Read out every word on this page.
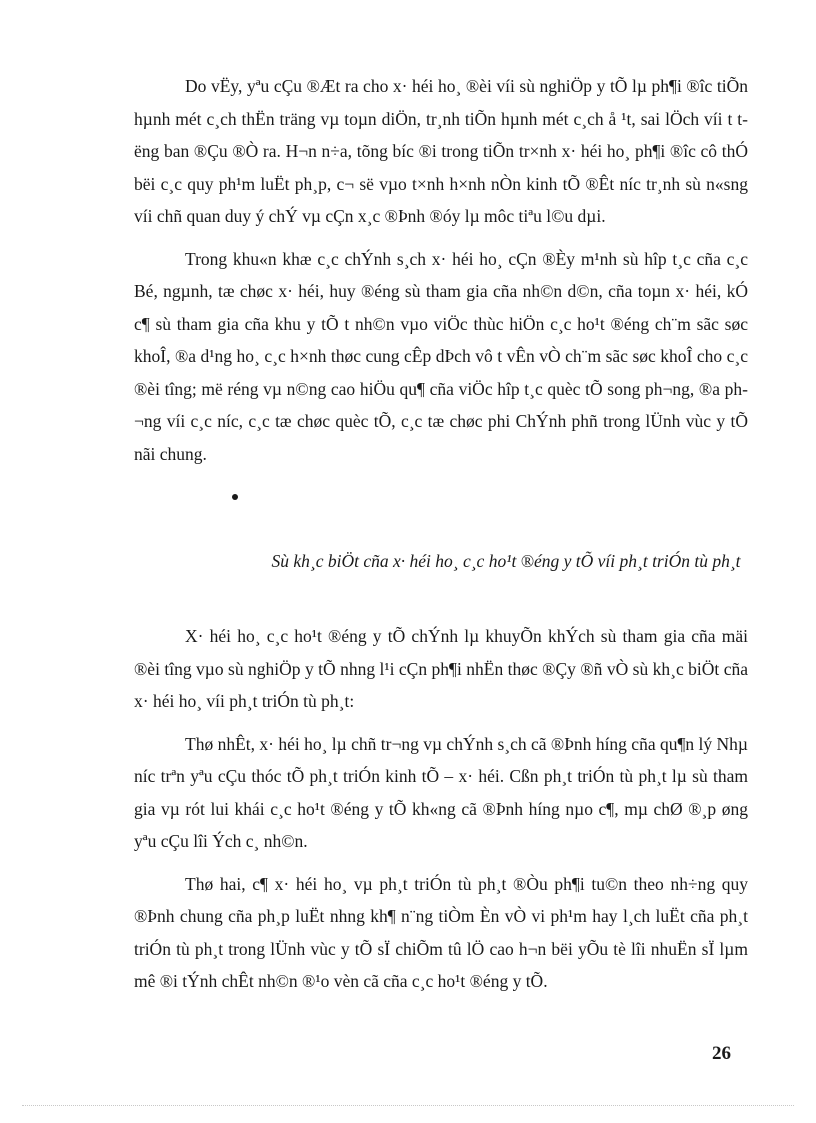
Do vËy, yªu cÇu ®Æt ra cho x· héi ho¸ ®èi víi sù nghiÖp y tÕ lµ ph¶i ®îc tiÕn hµnh mét c¸ch thËn träng vµ toµn diÖn, tr¸nh tiÕn hµnh mét c¸ch å ¹t, sai lÖch víi t tëng ban ®Çu ®Ò ra. H¬n n÷a, tõng bíc ®i trong tiÕn tr×nh x· héi ho¸ ph¶i ®îc cô thÓ bëi c¸c quy ph¹m luËt ph¸p, c¬ së vµo t×nh h×nh nÒn kinh tÕ ®Êt níc tr¸nh sù n«sng víi chñ quan duy ý chÝ vµ cÇn x¸c ®Þnh ®óy lµ môc tiªu l©u dµi.

Trong khu«n khæ c¸c chÝnh s¸ch x· héi ho¸ cÇn ®Èy m¹nh sù hîp t¸c cña c¸c Bé, ngµnh, tæ chøc x· héi, huy ®éng sù tham gia cña nh©n d©n, cña toµn x· héi, kÓ c¶ sù tham gia cña khu y tÕ t nh©n vµo viÖc thùc hiÖn c¸c ho¹t ®éng ch¨m sãc søc khoÎ, ®a d¹ng ho¸ c¸c h×nh thøc cung cÊp dÞch vô t vÊn vÒ ch¨m sãc søc khoÎ cho c¸c ®èi tîng; më réng vµ n©ng cao hiÖu qu¶ cña viÖc hîp t¸c quèc tÕ song ph¬ng, ®a ph¬ng víi c¸c níc, c¸c tæ chøc quèc tÕ, c¸c tæ chøc phi ChÝnh phñ trong lÜnh vùc y tÕ nãi chung.

Sù kh¸c biÖt cña x· héi ho¸ c¸c ho¹t ®éng y tÕ víi ph¸t triÓn tù ph¸t

X· héi ho¸ c¸c ho¹t ®éng y tÕ chÝnh lµ khuyÕn khÝch sù tham gia cña mäi ®èi tîng vµo sù nghiÖp y tÕ nhng l¹i cÇn ph¶i nhËn thøc ®Çy ®ñ vÒ sù kh¸c biÖt cña x· héi ho¸ víi ph¸t triÓn tù ph¸t:

Thø nhÊt, x· héi ho¸ lµ chñ tr¬ng vµ chÝnh s¸ch cã ®Þnh híng cña qu¶n lý Nhµ níc trªn yªu cÇu thóc tÕ ph¸t triÓn kinh tÕ – x· héi. Cßn ph¸t triÓn tù ph¸t lµ sù tham gia vµ rót lui khái c¸c ho¹t ®éng y tÕ kh«ng cã ®Þnh híng nµo c¶, mµ chØ ®¸p øng yªu cÇu lîi Ých c¸ nh©n.

Thø hai, c¶ x· héi ho¸ vµ ph¸t triÓn tù ph¸t ®Òu ph¶i tu©n theo nh÷ng quy ®Þnh chung cña ph¸p luËt nhng kh¶ n¨ng tiÒm Èn vÒ vi ph¹m hay l¸ch luËt cña ph¸t triÓn tù ph¸t trong lÜnh vùc y tÕ sÏ chiÕm tû lÖ cao h¬n bëi yÕu tè lîi nhuËn sÏ lµm mê ®i tÝnh chÊt nh©n ®¹o vèn cã cña c¸c ho¹t ®éng y tÕ.

26
